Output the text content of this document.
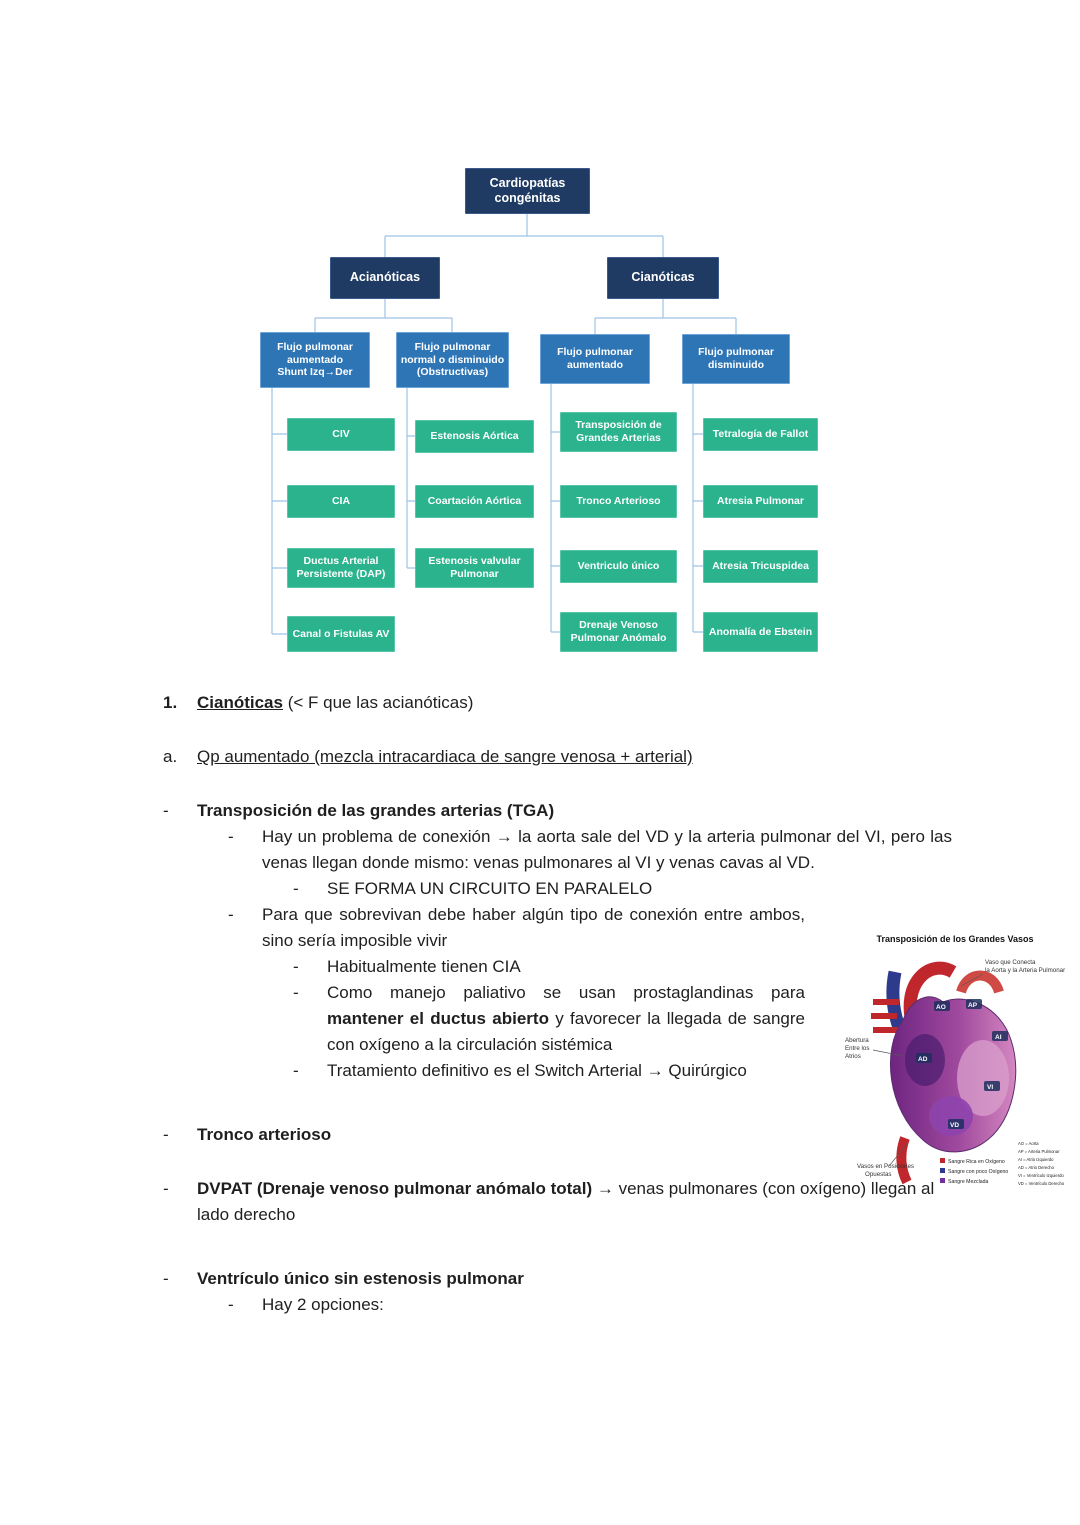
Cardiopatías congénitas
Acianóticas	Cianóticas
Flujo pulmonar aumentado
Shunt Izq→Der
Flujo pulmonar normal o disminuido
(Obstructivas)
Flujo pulmonar aumentado
Flujo pulmonar disminuido
CIV
CIA
Ductus Arterial Persistente (DAP)
Canal o Fistulas AV
Estenosis Aórtica
Coartación Aórtica
Estenosis valvular Pulmonar
Transposición de Grandes Arterias
Tronco Arterioso
Ventriculo único
Drenaje Venoso Pulmonar Anómalo
Tetralogía de Fallot
Atresia Pulmonar
Atresia Tricuspidea
Anomalía de Ebstein
1.	Cianóticas (< F que las acianóticas)
a.	Qp aumentado (mezcla intracardiaca de sangre venosa + arterial)
-	Transposición de las grandes arterias (TGA)
-	Hay un problema de conexión → la aorta sale del VD y la arteria pulmonar del VI, pero las venas llegan donde mismo: venas pulmonares al VI y venas cavas al VD.
-	SE FORMA UN CIRCUITO EN PARALELO
-	Para que sobrevivan debe haber algún tipo de conexión entre ambos, sino sería imposible vivir
-	Habitualmente tienen CIA
-	Como manejo paliativo se usan prostaglandinas para mantener el ductus abierto y favorecer la llegada de sangre con oxígeno a la circulación sistémica
-	Tratamiento definitivo es el Switch Arterial → Quirúrgico
-	Tronco arterioso
-	DVPAT (Drenaje venoso pulmonar anómalo total) → venas pulmonares (con oxígeno) llegan al lado derecho
-	Ventrículo único sin estenosis pulmonar
-	Hay 2 opciones:
Transposición de los Grandes Vasos
AO	AP
AI
AD
VI
VD
Vaso que Conecta
la Aorta y la Arteria Pulmonar
Abertura
Entre los
Atrios
Vasos en Posiciones
Opuestas
Sangre Rica en Oxígeno
Sangre con poco Oxígeno
Sangre Mezclada
AO = Aorta
AP = Arteria Pulmonar
AI = Atrio Izquierdo
AD = Atrio Derecho
VI = Ventrículo Izquierdo
VD = Ventrículo Derecho
